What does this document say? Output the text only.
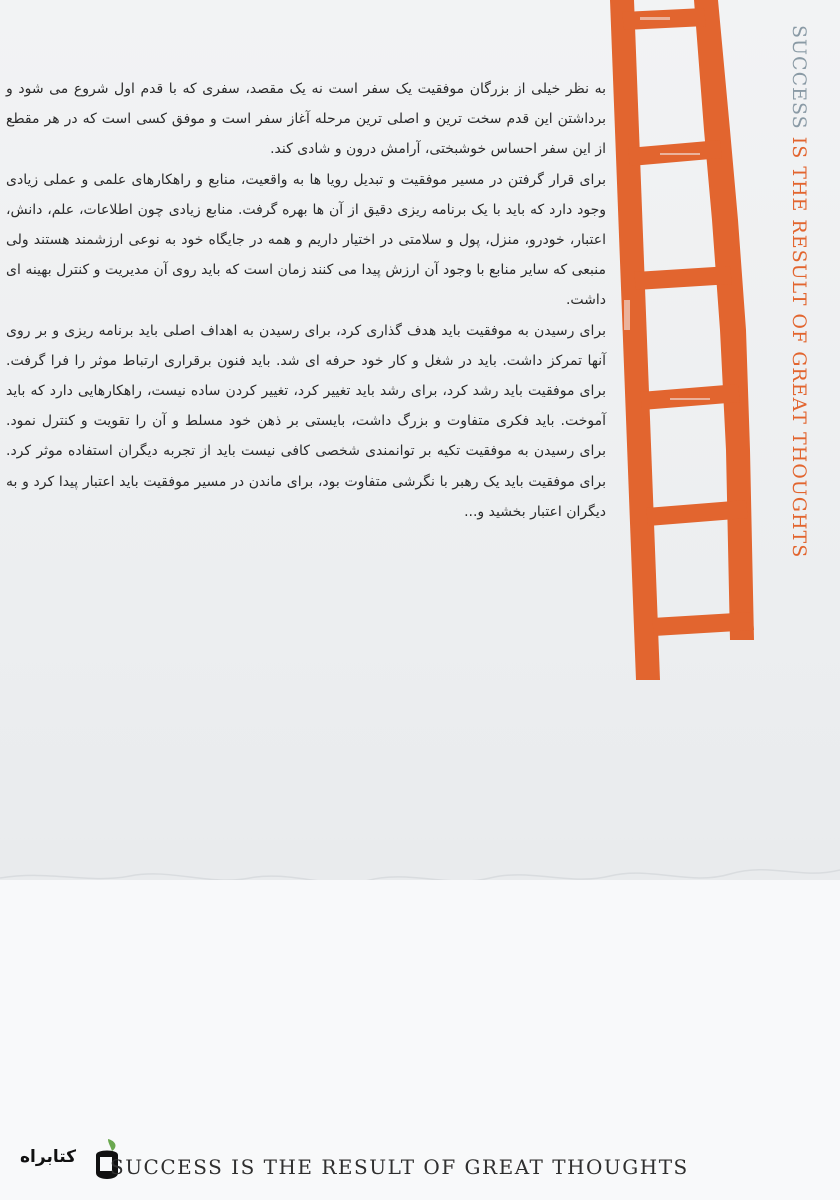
به نظر خیلی از بزرگان موفقیت یک سفر است نه یک مقصد، سفری که با قدم اول شروع می شود و برداشتن این قدم سخت ترین و اصلی ترین مرحله آغاز سفر است و موفق کسی است که در هر مقطع از این سفر احساس خوشبختی، آرامش درون و شادی کند.

برای قرار گرفتن در مسیر موفقیت و تبدیل رویا ها به واقعیت، منابع و راهکارهای علمی و عملی زیادی وجود دارد که باید با یک برنامه ریزی دقیق از آن ها بهره گرفت. منابع زیادی چون اطلاعات، علم، دانش، اعتبار، خودرو، منزل، پول و سلامتی در اختیار داریم و همه در جایگاه خود به نوعی ارزشمند هستند ولی منبعی که سایر منابع با وجود آن ارزش پیدا می کنند زمان است که باید روی آن مدیریت و کنترل بهینه ای داشت.

برای رسیدن به موفقیت باید هدف گذاری کرد، برای رسیدن به اهداف اصلی باید برنامه ریزی و بر روی آنها تمرکز داشت. باید در شغل و کار خود حرفه ای شد. باید فنون برقراری ارتباط موثر را فرا گرفت. برای موفقیت باید رشد کرد، برای رشد باید تغییر کرد، تغییر کردن ساده نیست، راهکارهایی دارد که باید آموخت. باید فکری متفاوت و بزرگ داشت، بایستی بر ذهن خود مسلط و آن را تقویت و کنترل نمود. برای رسیدن به موفقیت تکیه بر توانمندی شخصی کافی نیست باید از تجربه دیگران استفاده موثر کرد. برای موفقیت باید یک رهبر با نگرشی متفاوت بود، برای ماندن در مسیر موفقیت باید اعتبار پیدا کرد و به دیگران اعتبار بخشید و...

SUCCESS IS THE RESULT OF GREAT THOUGHTS
کتابراه SUCCESS IS THE RESULT OF GREAT THOUGHTS
